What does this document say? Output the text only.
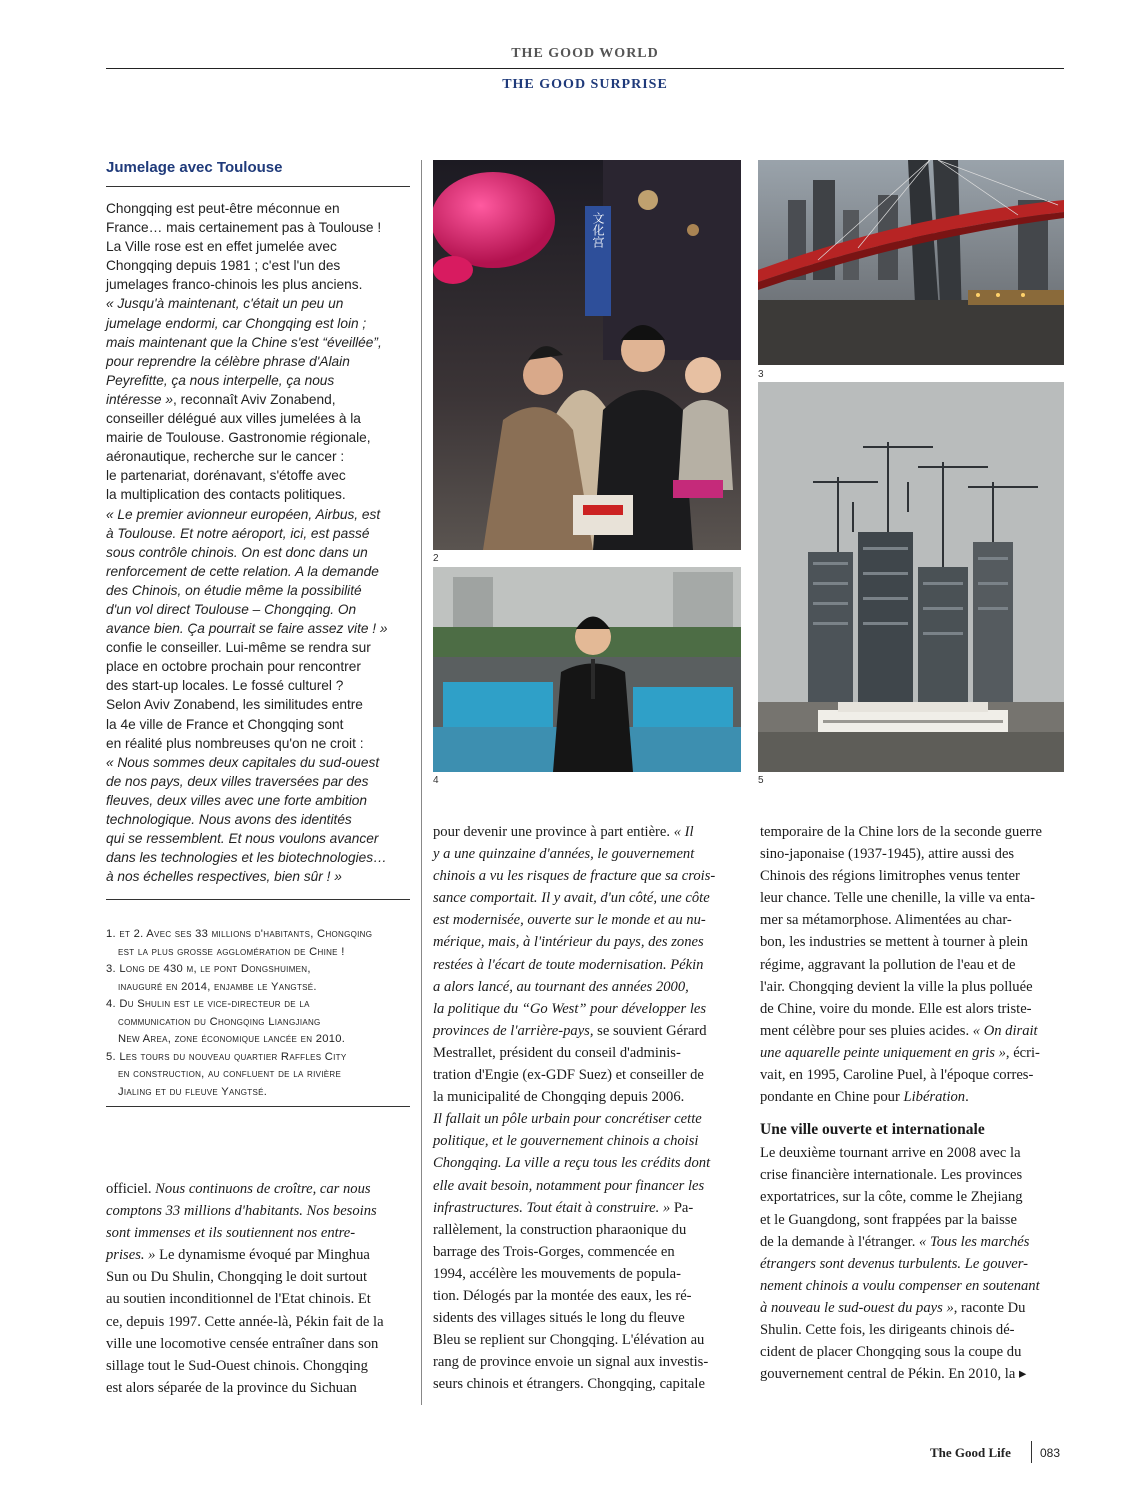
THE GOOD WORLD
THE GOOD SURPRISE
Jumelage avec Toulouse
Chongqing est peut-être méconnue en
France… mais certainement pas à Toulouse !
La Ville rose est en effet jumelée avec
Chongqing depuis 1981 ; c'est l'un des
jumelages franco-chinois les plus anciens.
« Jusqu'à maintenant, c'était un peu un
jumelage endormi, car Chongqing est loin ;
mais maintenant que la Chine s'est “éveillée”,
pour reprendre la célèbre phrase d'Alain
Peyrefitte, ça nous interpelle, ça nous
intéresse », reconnaît Aviv Zonabend,
conseiller délégué aux villes jumelées à la
mairie de Toulouse. Gastronomie régionale,
aéronautique, recherche sur le cancer :
le partenariat, dorénavant, s'étoffe avec
la multiplication des contacts politiques.
« Le premier avionneur européen, Airbus, est
à Toulouse. Et notre aéroport, ici, est passé
sous contrôle chinois. On est donc dans un
renforcement de cette relation. A la demande
des Chinois, on étudie même la possibilité
d'un vol direct Toulouse – Chongqing. On
avance bien. Ça pourrait se faire assez vite ! »
confie le conseiller. Lui-même se rendra sur
place en octobre prochain pour rencontrer
des start-up locales. Le fossé culturel ?
Selon Aviv Zonabend, les similitudes entre
la 4e ville de France et Chongqing sont
en réalité plus nombreuses qu'on ne croit :
« Nous sommes deux capitales du sud-ouest
de nos pays, deux villes traversées par des
fleuves, deux villes avec une forte ambition
technologique. Nous avons des identités
qui se ressemblent. Et nous voulons avancer
dans les technologies et les biotechnologies…
à nos échelles respectives, bien sûr ! »
1. et 2. Avec ses 33 millions d'habitants, Chongqing
est la plus grosse agglomération de Chine !
3. Long de 430 m, le pont Dongshuimen,
inauguré en 2014, enjambe le Yangtsé.
4. Du Shulin est le vice-directeur de la
communication du Chongqing Liangjiang
New Area, zone économique lancée en 2010.
5. Les tours du nouveau quartier Raffles City
en construction, au confluent de la rivière
Jialing et du fleuve Yangtsé.
文化宫
2
3
4	5
officiel. Nous continuons de croître, car nous
comptons 33 millions d'habitants. Nos besoins
sont immenses et ils soutiennent nos entre-
prises. » Le dynamisme évoqué par Minghua
Sun ou Du Shulin, Chongqing le doit surtout
au soutien inconditionnel de l'Etat chinois. Et
ce, depuis 1997. Cette année-là, Pékin fait de la
ville une locomotive censée entraîner dans son
sillage tout le Sud-Ouest chinois. Chongqing
est alors séparée de la province du Sichuan
pour devenir une province à part entière. « Il
y a une quinzaine d'années, le gouvernement
chinois a vu les risques de fracture que sa crois-
sance comportait. Il y avait, d'un côté, une côte
est modernisée, ouverte sur le monde et au nu-
mérique, mais, à l'intérieur du pays, des zones
restées à l'écart de toute modernisation. Pékin
a alors lancé, au tournant des années 2000,
la politique du “Go West” pour développer les
provinces de l'arrière-pays, se souvient Gérard
Mestrallet, président du conseil d'adminis-
tration d'Engie (ex-GDF Suez) et conseiller de
la municipalité de Chongqing depuis 2006.
Il fallait un pôle urbain pour concrétiser cette
politique, et le gouvernement chinois a choisi
Chongqing. La ville a reçu tous les crédits dont
elle avait besoin, notamment pour financer les
infrastructures. Tout était à construire. » Pa-
rallèlement, la construction pharaonique du
barrage des Trois-Gorges, commencée en
1994, accélère les mouvements de popula-
tion. Délogés par la montée des eaux, les ré-
sidents des villages situés le long du fleuve
Bleu se replient sur Chongqing. L'élévation au
rang de province envoie un signal aux investis-
seurs chinois et étrangers. Chongqing, capitale
temporaire de la Chine lors de la seconde guerre
sino-japonaise (1937-1945), attire aussi des
Chinois des régions limitrophes venus tenter
leur chance. Telle une chenille, la ville va enta-
mer sa métamorphose. Alimentées au char-
bon, les industries se mettent à tourner à plein
régime, aggravant la pollution de l'eau et de
l'air. Chongqing devient la ville la plus polluée
de Chine, voire du monde. Elle est alors triste-
ment célèbre pour ses pluies acides. « On dirait
une aquarelle peinte uniquement en gris », écri-
vait, en 1995, Caroline Puel, à l'époque corres-
pondante en Chine pour Libération.
Une ville ouverte et internationale
Le deuxième tournant arrive en 2008 avec la
crise financière internationale. Les provinces
exportatrices, sur la côte, comme le Zhejiang
et le Guangdong, sont frappées par la baisse
de la demande à l'étranger. « Tous les marchés
étrangers sont devenus turbulents. Le gouver-
nement chinois a voulu compenser en soutenant
à nouveau le sud-ouest du pays », raconte Du
Shulin. Cette fois, les dirigeants chinois dé-
cident de placer Chongqing sous la coupe du
gouvernement central de Pékin. En 2010, la ▸
The Good Life 083
